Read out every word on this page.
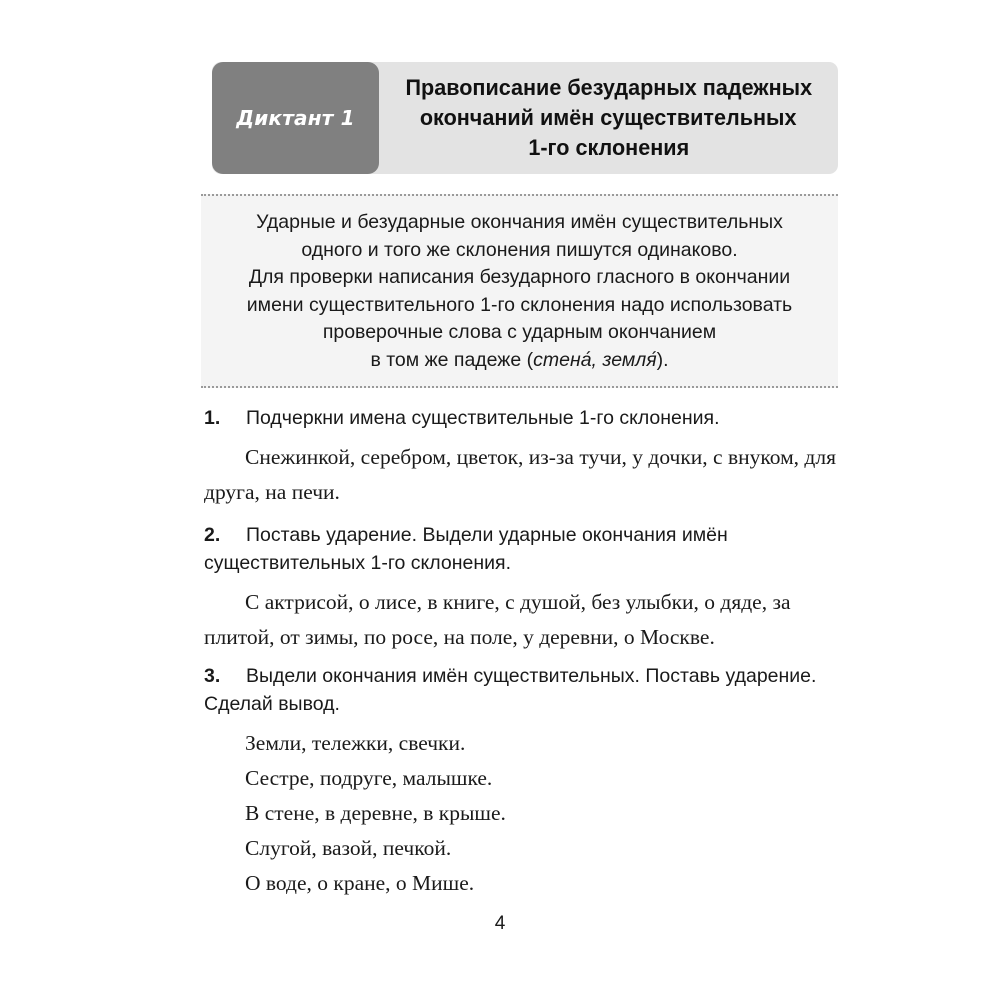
Диктант 1
Правописание безударных падежных
окончаний имён существительных
1-го склонения
Ударные и безударные окончания имён существительных
одного и того же склонения пишутся одинаково.
Для проверки написания безударного гласного в окончании
имени существительного 1-го склонения надо использовать
проверочные слова с ударным окончанием
в том же падеже (стена́, земля́).
1.	Подчеркни имена существительные 1-го склонения.
Снежинкой, серебром, цветок, из-за тучи, у дочки, с внуком, для друга, на печи.
2.	Поставь ударение. Выдели ударные окончания имён существительных 1-го склонения.
С актрисой, о лисе, в книге, с душой, без улыбки, о дяде, за плитой, от зимы, по росе, на поле, у деревни, о Москве.
3.	Выдели окончания имён существительных. Поставь ударение. Сделай вывод.
Земли, тележки, свечки.
Сестре, подруге, малышке.
В стене, в деревне, в крыше.
Слугой, вазой, печкой.
О воде, о кране, о Мише.
4
